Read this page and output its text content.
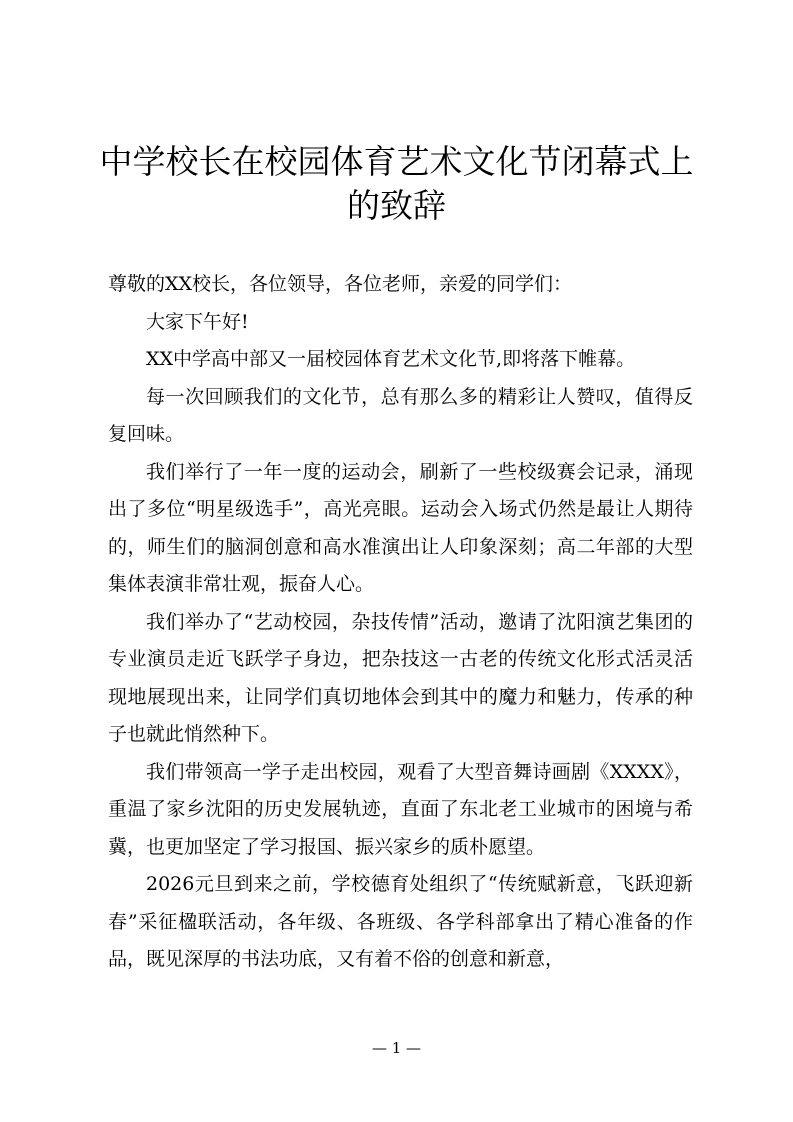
中学校长在校园体育艺术文化节闭幕式上
的致辞

尊敬的XX校长，各位领导，各位老师，亲爱的同学们：

大家下午好!

XX中学高中部又一届校园体育艺术文化节,即将落下帷幕。

每一次回顾我们的文化节，总有那么多的精彩让人赞叹，值得反复回味。

我们举行了一年一度的运动会，刷新了一些校级赛会记录，涌现出了多位“明星级选手”，高光亮眼。运动会入场式仍然是最让人期待的，师生们的脑洞创意和高水准演出让人印象深刻；高二年部的大型集体表演非常壮观，振奋人心。

我们举办了“艺动校园，杂技传情”活动，邀请了沈阳演艺集团的专业演员走近飞跃学子身边，把杂技这一古老的传统文化形式活灵活现地展现出来，让同学们真切地体会到其中的魔力和魅力，传承的种子也就此悄然种下。

我们带领高一学子走出校园，观看了大型音舞诗画剧《XXXX》，重温了家乡沈阳的历史发展轨迹，直面了东北老工业城市的困境与希冀，也更加坚定了学习报国、振兴家乡的质朴愿望。

2026元旦到来之前，学校德育处组织了“传统赋新意，飞跃迎新春”采征楹联活动，各年级、各班级、各学科部拿出了精心准备的作品，既见深厚的书法功底，又有着不俗的创意和新意，

— 1 —
